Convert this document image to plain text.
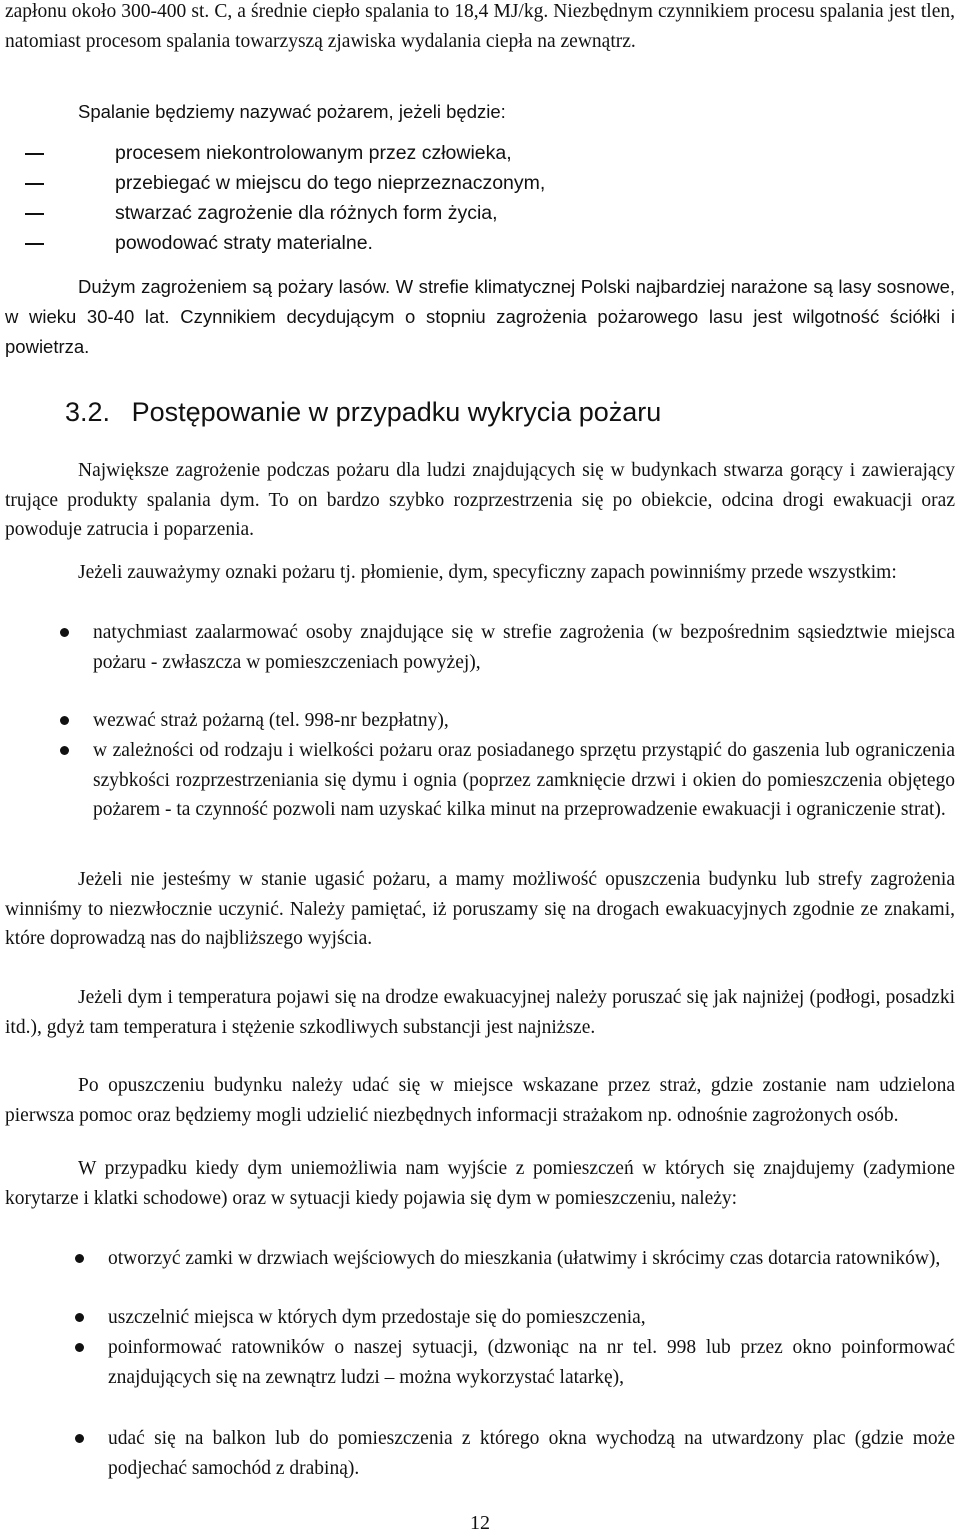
zapłonu około 300-400 st. C, a średnie ciepło spalania to 18,4 MJ/kg. Niezbędnym czynnikiem procesu spalania jest tlen, natomiast procesom spalania towarzyszą zjawiska wydalania ciepła na zewnątrz.
Spalanie będziemy nazywać pożarem, jeżeli będzie:
procesem niekontrolowanym przez człowieka,
przebiegać w miejscu do tego nieprzeznaczonym,
stwarzać zagrożenie dla różnych form życia,
powodować straty materialne.
Dużym zagrożeniem są pożary lasów. W strefie klimatycznej Polski najbardziej narażone są lasy sosnowe, w wieku 30-40 lat. Czynnikiem decydującym o stopniu zagrożenia pożarowego lasu jest wilgotność ściółki i powietrza.
3.2. Postępowanie w przypadku wykrycia pożaru
Największe zagrożenie podczas pożaru dla ludzi znajdujących się w budynkach stwarza gorący i zawierający trujące produkty spalania dym. To on bardzo szybko rozprzestrzenia się po obiekcie, odcina drogi ewakuacji oraz powoduje zatrucia i poparzenia.
Jeżeli zauważymy oznaki pożaru tj. płomienie, dym, specyficzny zapach powinniśmy przede wszystkim:
natychmiast zaalarmować osoby znajdujące się w strefie zagrożenia (w bezpośrednim sąsiedztwie miejsca pożaru - zwłaszcza w pomieszczeniach powyżej),
wezwać straż pożarną (tel. 998-nr bezpłatny),
w zależności od rodzaju i wielkości pożaru oraz posiadanego sprzętu przystąpić do gaszenia lub ograniczenia szybkości rozprzestrzeniania się dymu i ognia (poprzez zamknięcie drzwi i okien do pomieszczenia objętego pożarem - ta czynność pozwoli nam uzyskać kilka minut na przeprowadzenie ewakuacji i ograniczenie strat).
Jeżeli nie jesteśmy w stanie ugasić pożaru, a mamy możliwość opuszczenia budynku lub strefy zagrożenia winniśmy to niezwłocznie uczynić. Należy pamiętać, iż poruszamy się na drogach ewakuacyjnych zgodnie ze znakami, które doprowadzą nas do najbliższego wyjścia.
Jeżeli dym i temperatura pojawi się na drodze ewakuacyjnej należy poruszać się jak najniżej (podłogi, posadzki itd.), gdyż tam temperatura i stężenie szkodliwych substancji jest najniższe.
Po opuszczeniu budynku należy udać się w miejsce wskazane przez straż, gdzie zostanie nam udzielona pierwsza pomoc oraz będziemy mogli udzielić niezbędnych informacji strażakom np. odnośnie zagrożonych osób.
W przypadku kiedy dym uniemożliwia nam wyjście z pomieszczeń w których się znajdujemy (zadymione korytarze i klatki schodowe) oraz w sytuacji kiedy pojawia się dym w pomieszczeniu, należy:
otworzyć zamki w drzwiach wejściowych do mieszkania (ułatwimy i skrócimy czas dotarcia ratowników),
uszczelnić miejsca w których dym przedostaje się do pomieszczenia,
poinformować ratowników o naszej sytuacji, (dzwoniąc na nr tel. 998 lub przez okno poinformować znajdujących się na zewnątrz ludzi – można wykorzystać latarkę),
udać się na balkon lub do pomieszczenia z którego okna wychodzą na utwardzony plac (gdzie może podjechać samochód z drabiną).
12
